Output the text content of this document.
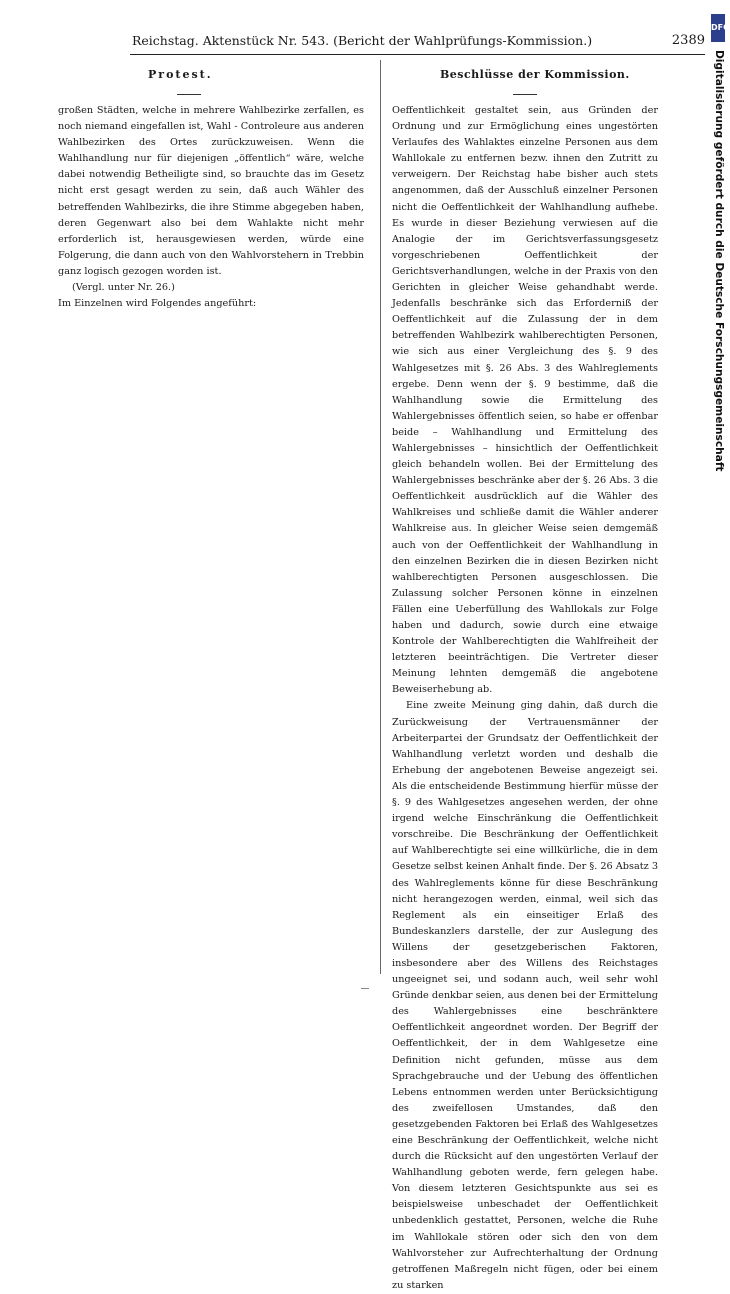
Reichstag. Aktenstück Nr. 543. (Bericht der Wahlprüfungs-Kommission.)	2389
Protest.	Beschlüsse der Kommission.

großen Städten, welche in mehrere Wahlbezirke zerfallen, es noch niemand eingefallen ist, Wahl - Controleure aus anderen Wahlbezirken des Ortes zurückzuweisen. Wenn die Wahlhandlung nur für diejenigen „öffentlich“ wäre, welche dabei notwendig Betheiligte sind, so brauchte das im Gesetz nicht erst gesagt werden zu sein, daß auch Wähler des betreffenden Wahlbezirks, die ihre Stimme abgegeben haben, deren Gegenwart also bei dem Wahlakte nicht mehr erforderlich ist, herausgewiesen werden, würde eine Folgerung, die dann auch von den Wahlvorstehern in Trebbin ganz logisch gezogen worden ist.

(Vergl. unter Nr. 26.)

Im Einzelnen wird Folgendes angeführt:

Oeffentlichkeit gestaltet sein, aus Gründen der Ordnung und zur Ermöglichung eines ungestörten Verlaufes des Wahlaktes einzelne Personen aus dem Wahllokale zu entfernen bezw. ihnen den Zutritt zu verweigern. Der Reichstag habe bisher auch stets angenommen, daß der Ausschluß einzelner Personen nicht die Oeffentlichkeit der Wahlhandlung aufhebe. Es wurde in dieser Beziehung verwiesen auf die Analogie der im Gerichtsverfassungsgesetz vorgeschriebenen Oeffentlichkeit der Gerichtsverhandlungen, welche in der Praxis von den Gerichten in gleicher Weise gehandhabt werde. Jedenfalls beschränke sich das Erforderniß der Oeffentlichkeit auf die Zulassung der in dem betreffenden Wahlbezirk wahlberechtigten Personen, wie sich aus einer Vergleichung des §. 9 des Wahlgesetzes mit §. 26 Abs. 3 des Wahlreglements ergebe. Denn wenn der §. 9 bestimme, daß die Wahlhandlung sowie die Ermittelung des Wahlergebnisses öffentlich seien, so habe er offenbar beide – Wahlhandlung und Ermittelung des Wahlergebnisses – hinsichtlich der Oeffentlichkeit gleich behandeln wollen. Bei der Ermittelung des Wahlergebnisses beschränke aber der §. 26 Abs. 3 die Oeffentlichkeit ausdrücklich auf die Wähler des Wahlkreises und schließe damit die Wähler anderer Wahlkreise aus. In gleicher Weise seien demgemäß auch von der Oeffentlichkeit der Wahlhandlung in den einzelnen Bezirken die in diesen Bezirken nicht wahlberechtigten Personen ausgeschlossen. Die Zulassung solcher Personen könne in einzelnen Fällen eine Ueberfüllung des Wahllokals zur Folge haben und dadurch, sowie durch eine etwaige Kontrole der Wahlberechtigten die Wahlfreiheit der letzteren beeinträchtigen. Die Vertreter dieser Meinung lehnten demgemäß die angebotene Beweiserhebung ab.

Eine zweite Meinung ging dahin, daß durch die Zurückweisung der Vertrauensmänner der Arbeiterpartei der Grundsatz der Oeffentlichkeit der Wahlhandlung verletzt worden und deshalb die Erhebung der angebotenen Beweise angezeigt sei. Als die entscheidende Bestimmung hierfür müsse der §. 9 des Wahlgesetzes angesehen werden, der ohne irgend welche Einschränkung die Oeffentlichkeit vorschreibe. Die Beschränkung der Oeffentlichkeit auf Wahlberechtigte sei eine willkürliche, die in dem Gesetze selbst keinen Anhalt finde. Der §. 26 Absatz 3 des Wahlreglements könne für diese Beschränkung nicht herangezogen werden, einmal, weil sich das Reglement als ein einseitiger Erlaß des Bundeskanzlers darstelle, der zur Auslegung des Willens der gesetzgeberischen Faktoren, insbesondere aber des Willens des Reichstages ungeeignet sei, und sodann auch, weil sehr wohl Gründe denkbar seien, aus denen bei der Ermittelung des Wahlergebnisses eine beschränktere Oeffentlichkeit angeordnet worden. Der Begriff der Oeffentlichkeit, der in dem Wahlgesetze eine Definition nicht gefunden, müsse aus dem Sprachgebrauche und der Uebung des öffentlichen Lebens entnommen werden unter Berücksichtigung des zweifellosen Umstandes, daß den gesetzgebenden Faktoren bei Erlaß des Wahlgesetzes eine Beschränkung der Oeffentlichkeit, welche nicht durch die Rücksicht auf den ungestörten Verlauf der Wahlhandlung geboten werde, fern gelegen habe. Von diesem letzteren Gesichtspunkte aus sei es beispielsweise unbeschadet der Oeffentlichkeit unbedenklich gestattet, Personen, welche die Ruhe im Wahllokale stören oder sich den von dem Wahlvorsteher zur Aufrechterhaltung der Ordnung getroffenen Maßregeln nicht fügen, oder bei einem zu starken

DFG
Digitalisierung gefördert durch die Deutsche Forschungsgemeinschaft
